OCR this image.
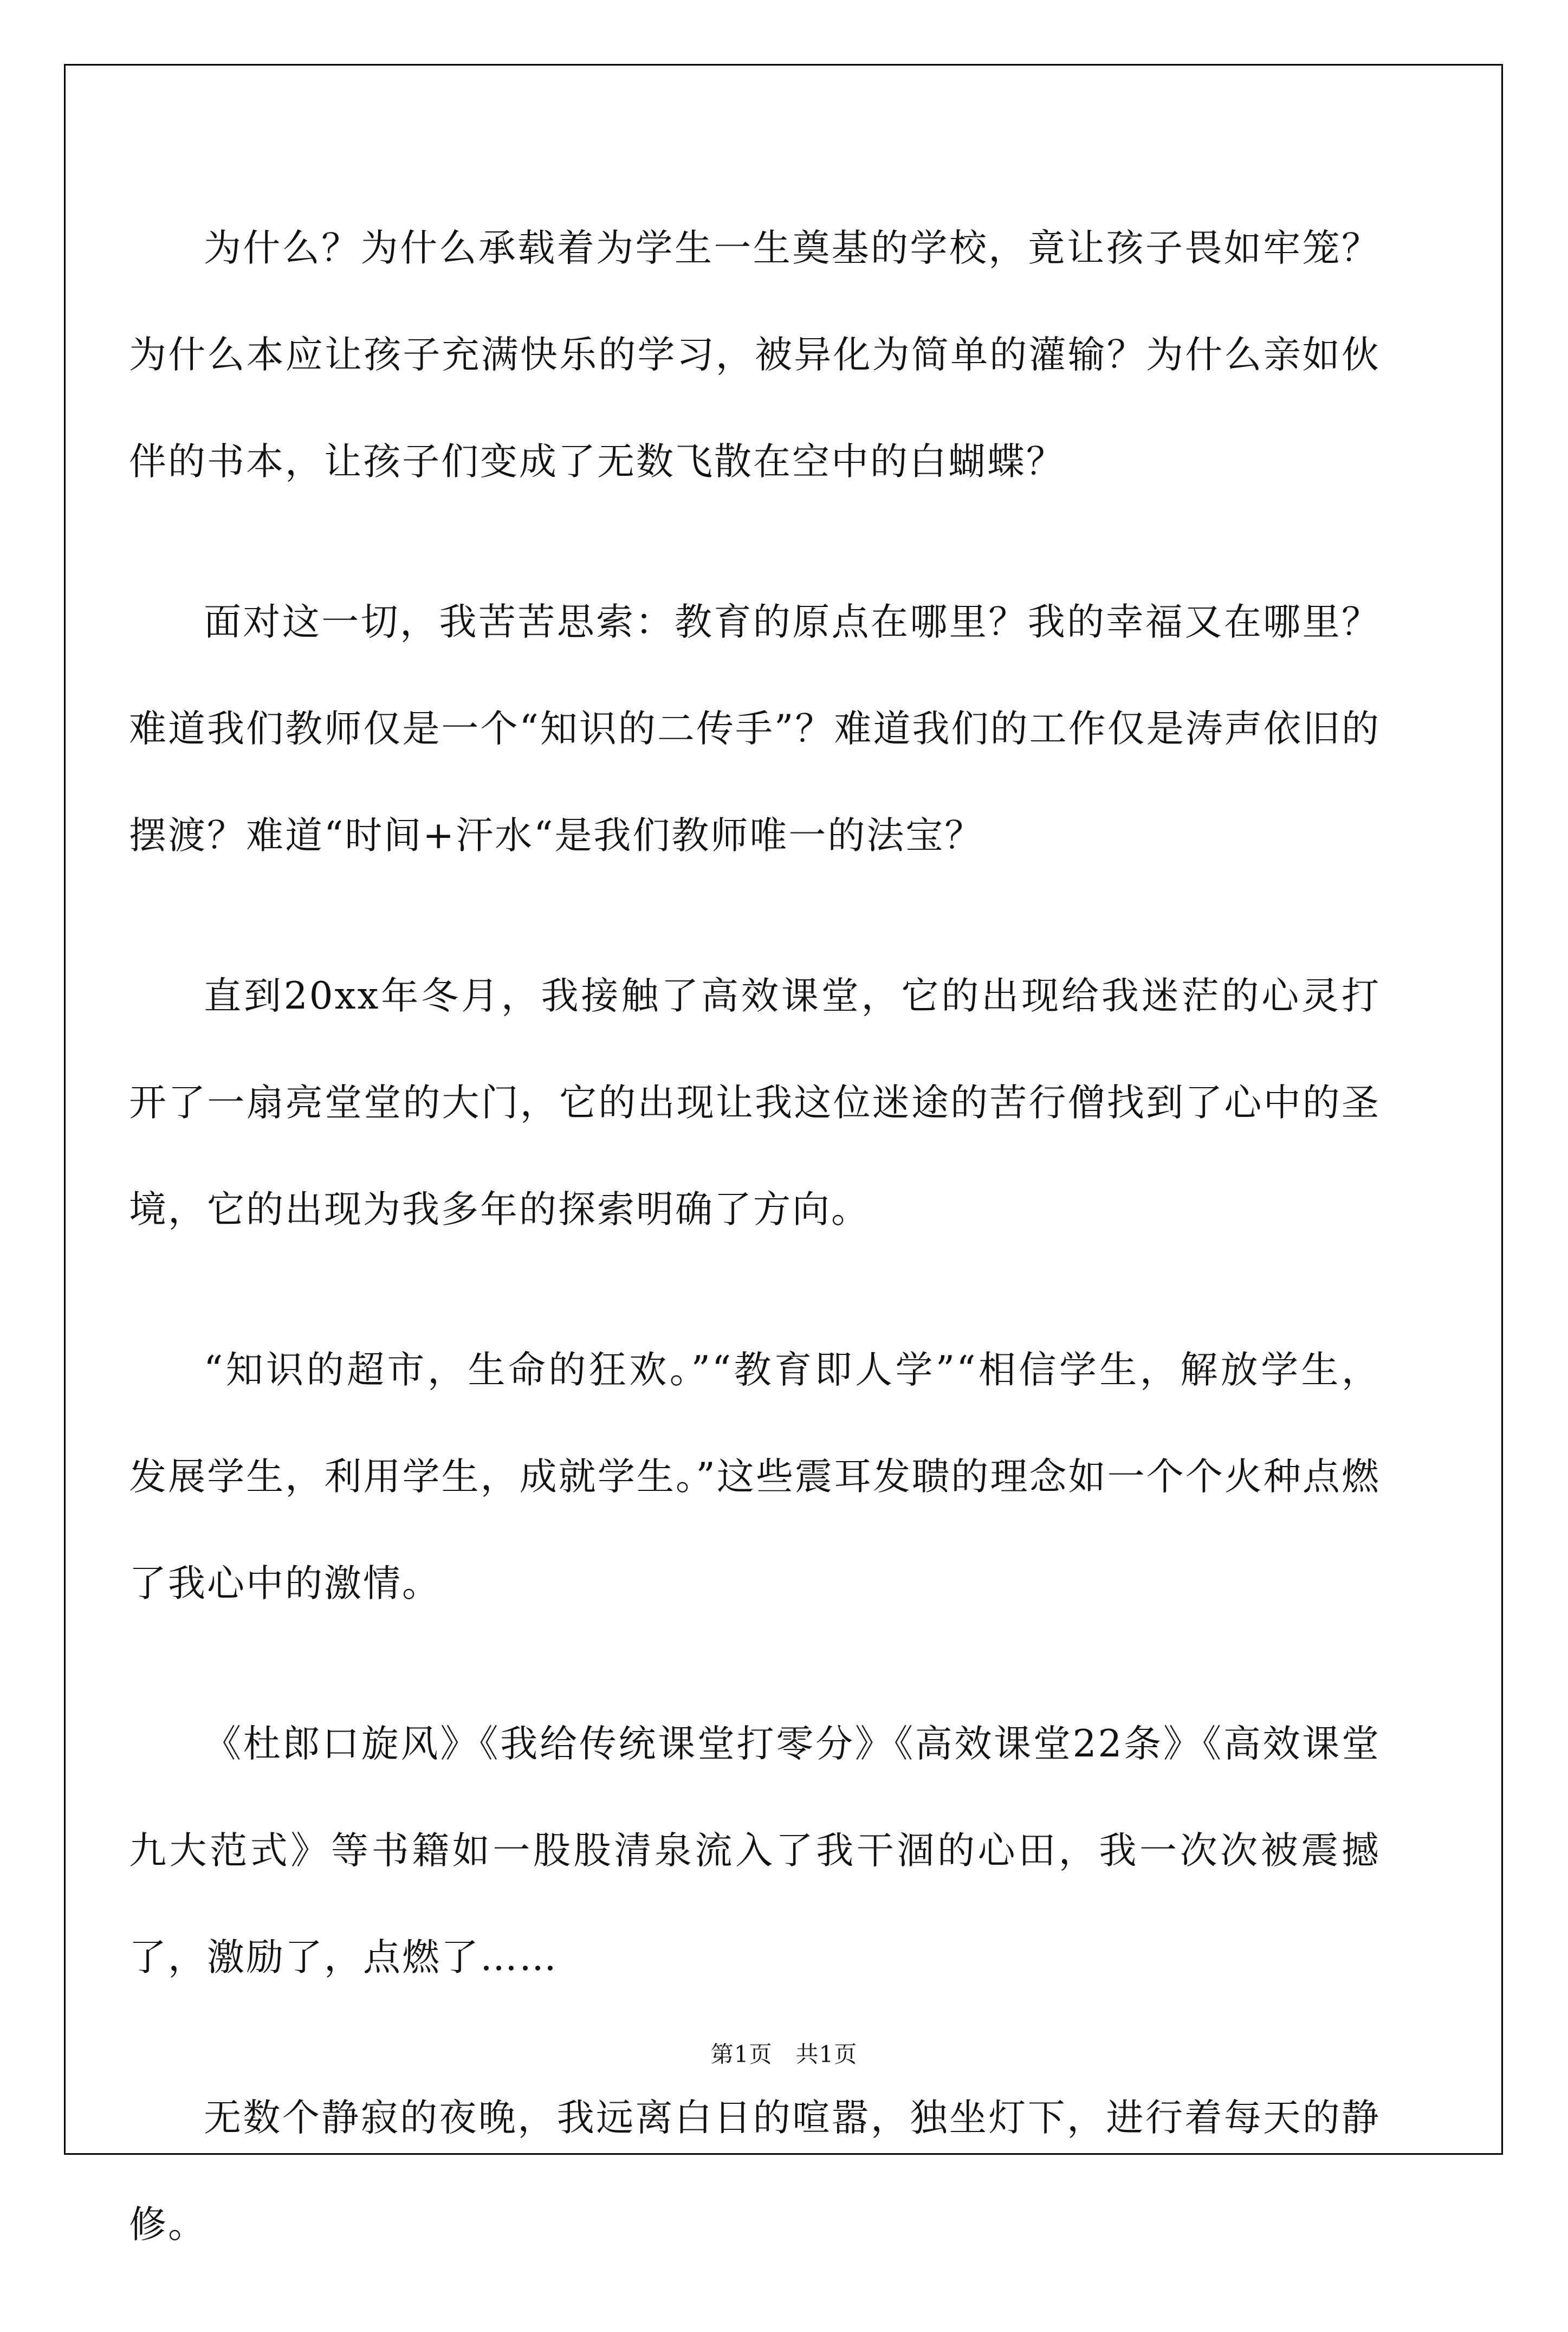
为什么？为什么承载着为学生一生奠基的学校，竟让孩子畏如牢笼？为什么本应让孩子充满快乐的学习，被异化为简单的灌输？为什么亲如伙伴的书本，让孩子们变成了无数飞散在空中的白蝴蝶？

面对这一切，我苦苦思索：教育的原点在哪里？我的幸福又在哪里？难道我们教师仅是一个“知识的二传手”？难道我们的工作仅是涛声依旧的摆渡？难道“时间+汗水“是我们教师唯一的法宝？

直到20xx年冬月，我接触了高效课堂，它的出现给我迷茫的心灵打开了一扇亮堂堂的大门，它的出现让我这位迷途的苦行僧找到了心中的圣境，它的出现为我多年的探索明确了方向。

“知识的超市，生命的狂欢。”“教育即人学”“相信学生，解放学生，发展学生，利用学生，成就学生。”这些震耳发聩的理念如一个个火种点燃了我心中的激情。

《杜郎口旋风》《我给传统课堂打零分》《高效课堂22条》《高效课堂九大范式》等书籍如一股股清泉流入了我干涸的心田，我一次次被震撼了，激励了，点燃了……

无数个静寂的夜晚，我远离白日的喧嚣，独坐灯下，进行着每天的静修。

第1页　共1页
